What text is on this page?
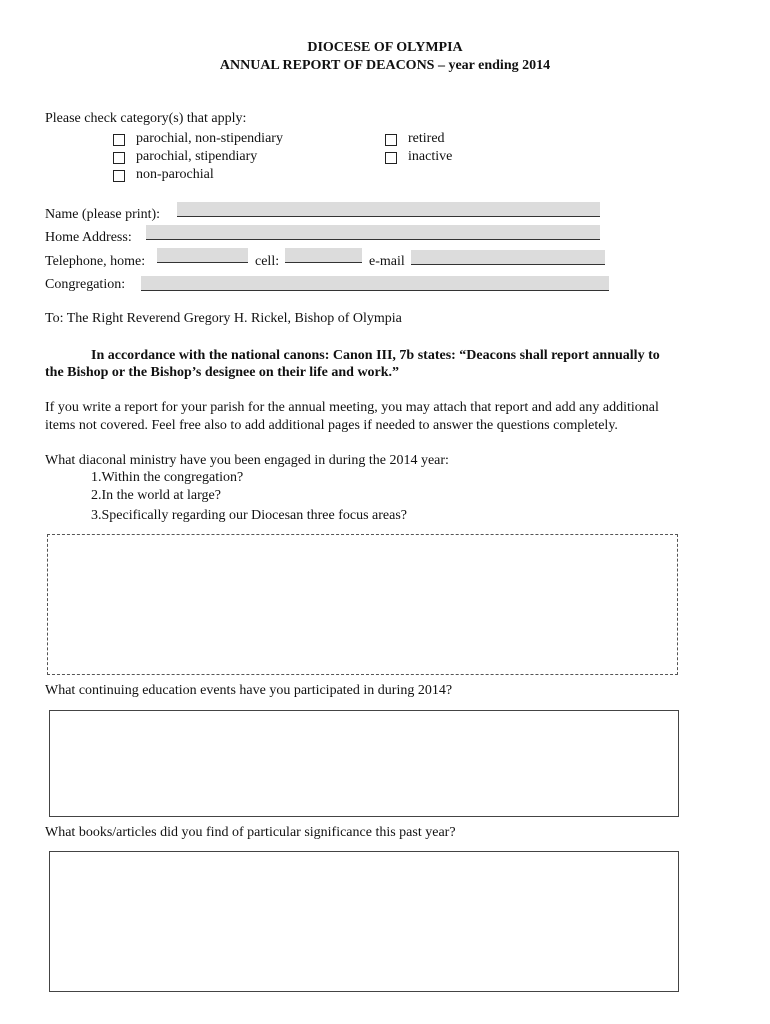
DIOCESE OF OLYMPIA
ANNUAL REPORT OF DEACONS – year ending 2014
Please check category(s) that apply:
parochial, non-stipendiary
parochial, stipendiary
non-parochial
retired
inactive
Name (please print):
Home Address:
Telephone, home:	cell:	e-mail
Congregation:
To: The Right Reverend Gregory H. Rickel, Bishop of Olympia
In accordance with the national canons: Canon III, 7b states: “Deacons shall report annually to
the Bishop or the Bishop’s designee on their life and work.”
If you write a report for your parish for the annual meeting, you may attach that report and add any additional
items not covered. Feel free also to add additional pages if needed to answer the questions completely.
What diaconal ministry have you been engaged in during the 2014 year:
1.Within the congregation?
2.In the world at large?
3.Specifically regarding our Diocesan three focus areas?
What continuing education events have you participated in during 2014?
What books/articles did you find of particular significance this past year?
